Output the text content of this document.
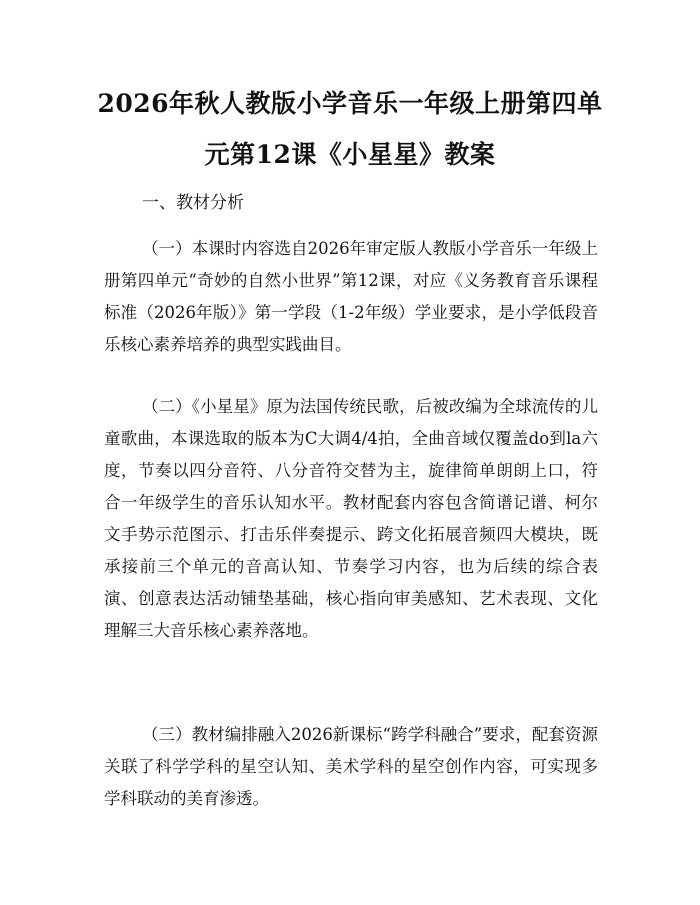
2026年秋人教版小学音乐一年级上册第四单元第12课《小星星》教案
一、教材分析

（一）本课时内容选自2026年审定版人教版小学音乐一年级上册第四单元“奇妙的自然小世界”第12课，对应《义务教育音乐课程标准（2026年版）》第一学段（1-2年级）学业要求，是小学低段音乐核心素养培养的典型实践曲目。

（二）《小星星》原为法国传统民歌，后被改编为全球流传的儿童歌曲，本课选取的版本为C大调4/4拍，全曲音域仅覆盖do到la六度，节奏以四分音符、八分音符交替为主，旋律简单朗朗上口，符合一年级学生的音乐认知水平。教材配套内容包含简谱记谱、柯尔文手势示范图示、打击乐伴奏提示、跨文化拓展音频四大模块，既承接前三个单元的音高认知、节奏学习内容，也为后续的综合表演、创意表达活动铺垫基础，核心指向审美感知、艺术表现、文化理解三大音乐核心素养落地。

（三）教材编排融入2026新课标“跨学科融合”要求，配套资源关联了科学学科的星空认知、美术学科的星空创作内容，可实现多学科联动的美育渗透。
